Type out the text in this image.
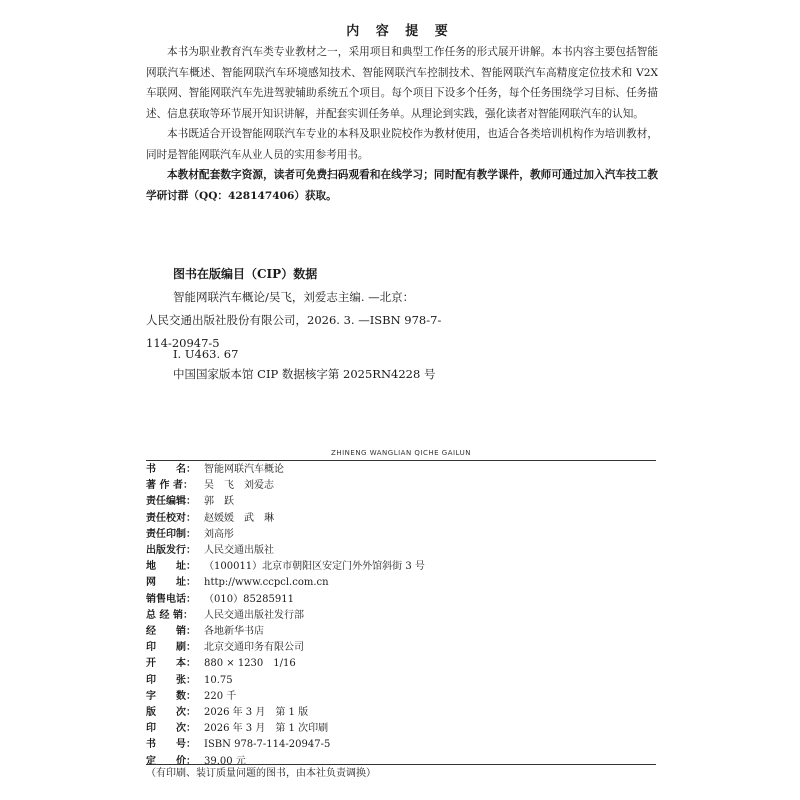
内 容 提 要

本书为职业教育汽车类专业教材之一，采用项目和典型工作任务的形式展开讲解。本书内容主要包括智能网联汽车概述、智能网联汽车环境感知技术、智能网联汽车控制技术、智能网联汽车高精度定位技术和 V2X 车联网、智能网联汽车先进驾驶辅助系统五个项目。每个项目下设多个任务，每个任务围绕学习目标、任务描述、信息获取等环节展开知识讲解，并配套实训任务单。从理论到实践，强化读者对智能网联汽车的认知。

本书既适合开设智能网联汽车专业的本科及职业院校作为教材使用，也适合各类培训机构作为培训教材，同时是智能网联汽车从业人员的实用参考用书。

本教材配套数字资源，读者可免费扫码观看和在线学习；同时配有教学课件，教师可通过加入汽车技工教学研讨群（QQ：428147406）获取。

图书在版编目（CIP）数据
智能网联汽车概论/吴飞，刘爱志主编. —北京：
人民交通出版社股份有限公司，2026. 3. —ISBN 978-7-
114-20947-5
Ⅰ. U463. 67
中国国家版本馆 CIP 数据核字第 2025RN4228 号
ZHINENG WANGLIAN QICHE GAILUN
书　　名： 智能网联汽车概论
著 作 者： 吴　飞　刘爱志
责任编辑： 郭　跃
责任校对： 赵媛媛　武　琳
责任印制： 刘高彤
出版发行： 人民交通出版社
地　　址： （100011）北京市朝阳区安定门外外馆斜街 3 号
网　　址： http://www.ccpcl.com.cn
销售电话： （010）85285911
总 经 销： 人民交通出版社发行部
经　　销： 各地新华书店
印　　刷： 北京交通印务有限公司
开　　本： 880 × 1230　1/16
印　　张： 10.75
字　　数： 220 千
版　　次： 2026 年 3 月　第 1 版
印　　次： 2026 年 3 月　第 1 次印刷
书　　号： ISBN 978-7-114-20947-5
定　　价： 39.00 元
（有印刷、装订质量问题的图书，由本社负责调换）
